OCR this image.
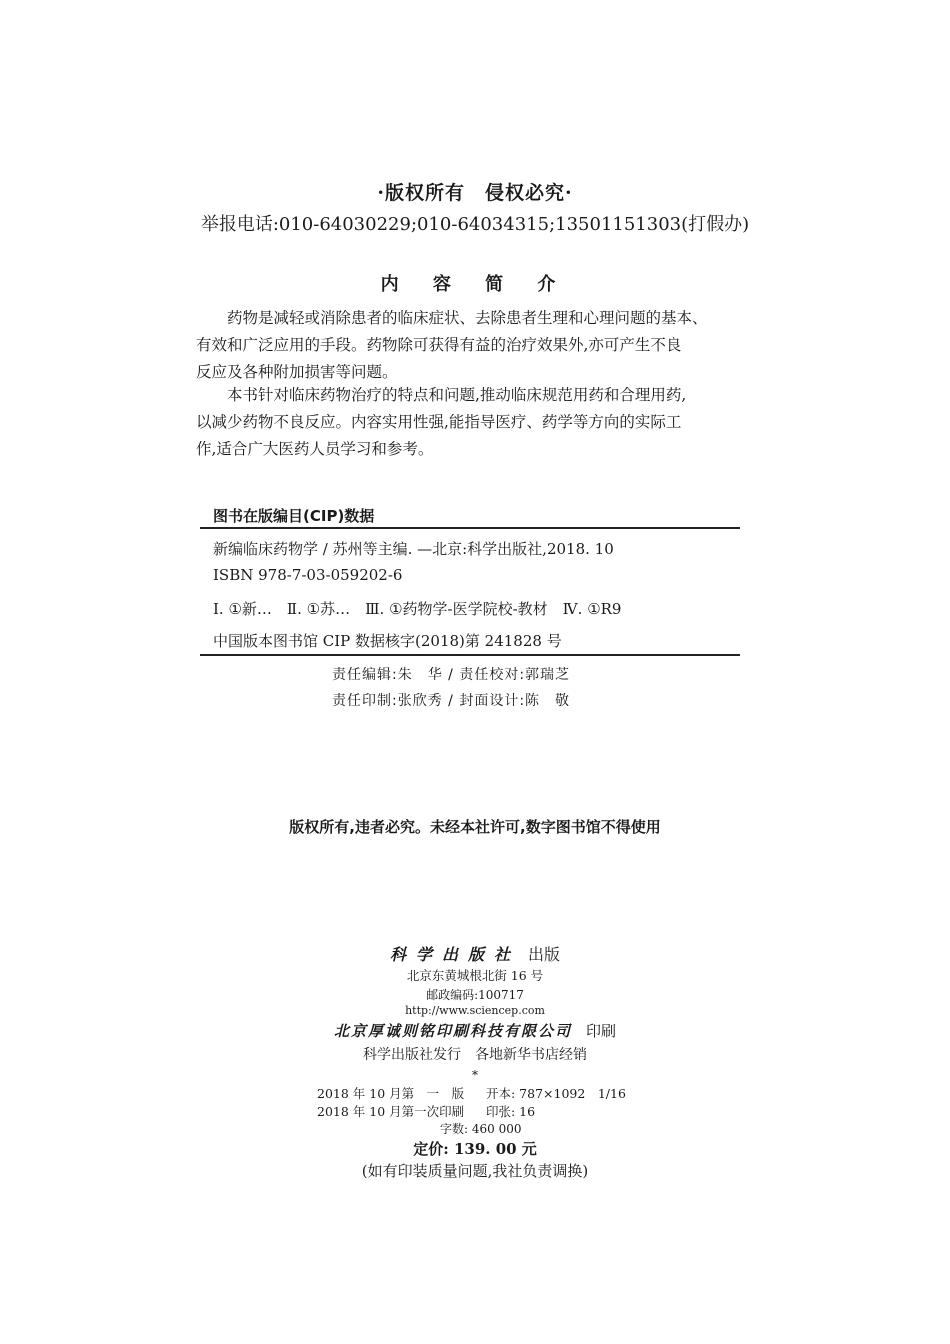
·版权所有　侵权必究·
举报电话:010-64030229;010-64034315;13501151303(打假办)
内 容 简 介
药物是减轻或消除患者的临床症状、去除患者生理和心理问题的基本、
有效和广泛应用的手段。药物除可获得有益的治疗效果外,亦可产生不良
反应及各种附加损害等问题。
本书针对临床药物治疗的特点和问题,推动临床规范用药和合理用药,
以减少药物不良反应。内容实用性强,能指导医疗、药学等方向的实际工
作,适合广大医药人员学习和参考。
图书在版编目(CIP)数据
新编临床药物学 / 苏州等主编. —北京:科学出版社,2018. 10
ISBN 978-7-03-059202-6
Ⅰ. ①新…　Ⅱ. ①苏…　Ⅲ. ①药物学-医学院校-教材　Ⅳ. ①R9
中国版本图书馆 CIP 数据核字(2018)第 241828 号
责任编辑:朱　华 / 责任校对:郭瑞芝
责任印制:张欣秀 / 封面设计:陈　敬
版权所有,违者必究。未经本社许可,数字图书馆不得使用
科学出版社 出版
北京东黄城根北街 16 号
邮政编码:100717
http://www.sciencep.com
北京厚诚则铭印刷科技有限公司 印刷
科学出版社发行　各地新华书店经销
*
2018 年 10 月第　一　版 开本: 787×1092　1/16
2018 年 10 月第一次印刷 印张: 16
字数: 460 000
定价: 139. 00 元
(如有印装质量问题,我社负责调换)
